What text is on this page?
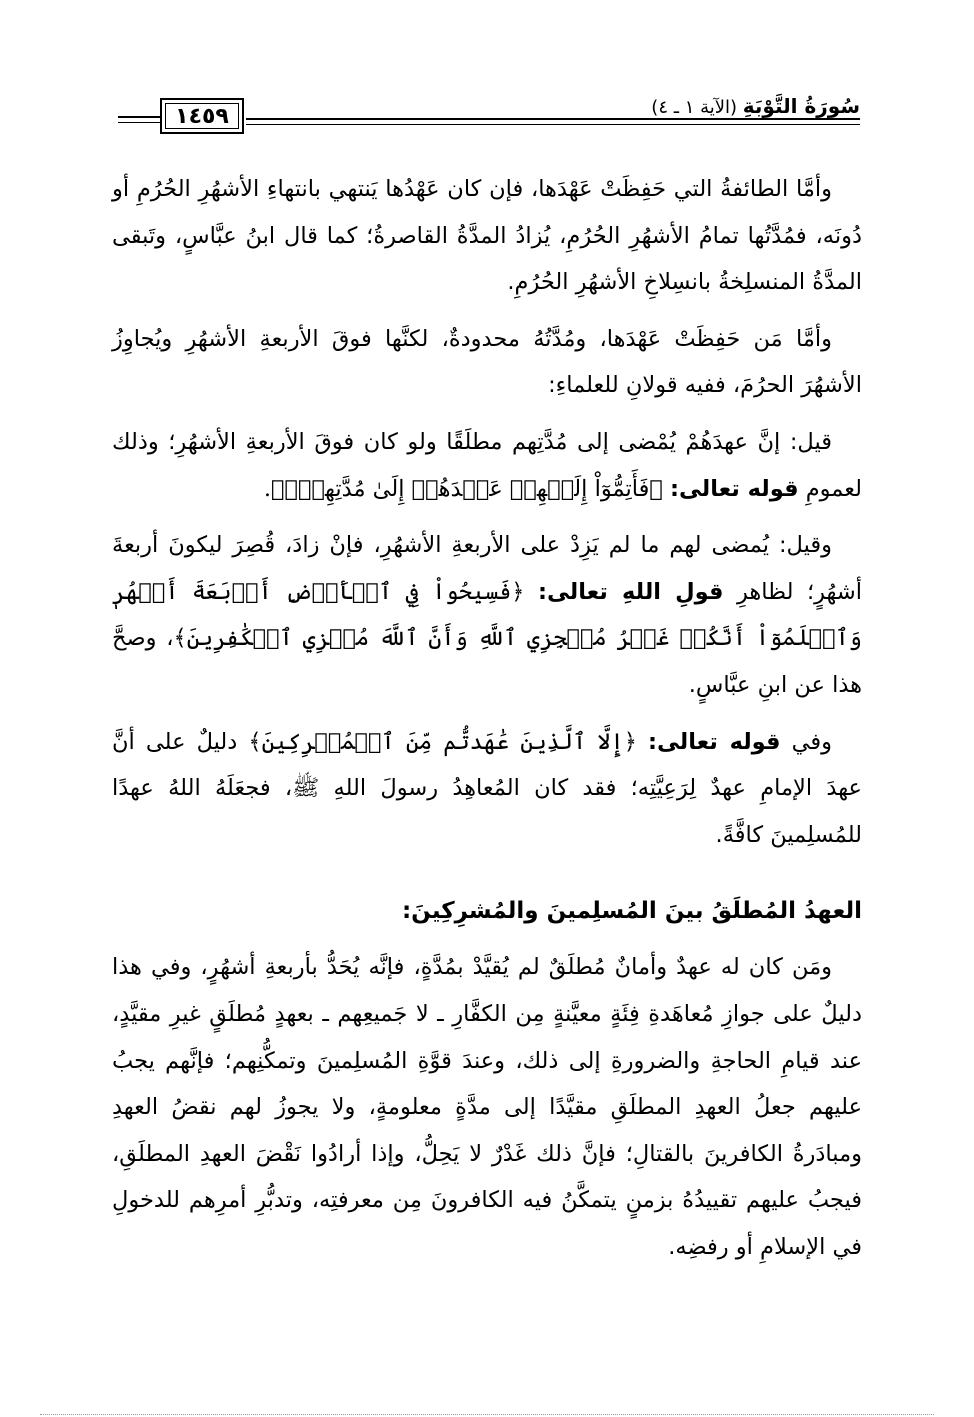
١٤٥٩	سُورَةُ التَّوْبَةِ (الآية ١ ـ ٤)

وأمَّا الطائفةُ التي حَفِظَتْ عَهْدَها، فإن كان عَهْدُها يَنتهي بانتهاءِ الأشهُرِ الحُرُمِ أو دُونَه، فمُدَّتُها تمامُ الأشهُرِ الحُرُمِ، يُزادُ المدَّةُ القاصرةُ؛ كما قال ابنُ عبَّاسٍ، وتَبقى المدَّةُ المنسلِخةُ بانسِلاخِ الأشهُرِ الحُرُمِ.

وأمَّا مَن حَفِظَتْ عَهْدَها، ومُدَّتُهُ محدودةٌ، لكنَّها فوقَ الأربعةِ الأشهُرِ ويُجاوِزُ الأشهُرَ الحرُمَ، ففيه قولانِ للعلماءِ:

قيل: إنَّ عهدَهُمْ يُمْضى إلى مُدَّتِهم مطلَقًا ولو كان فوقَ الأربعةِ الأشهُرِ؛ وذلك لعمومِ قوله تعالى: ﴿فَأَتِمُّوٓاْ إِلَيۡهِمۡ عَهۡدَهُمۡ إِلَىٰ مُدَّتِهِمۡۚ﴾.

وقيل: يُمضى لهم ما لم يَزِدْ على الأربعةِ الأشهُرِ، فإنْ زادَ، قُصِرَ ليكونَ أربعةَ أشهُرٍ؛ لظاهرِ قولِ اللهِ تعالى: ﴿فَسِيحُواْ فِي ٱلۡأَرۡضِ أَرۡبَعَةَ أَشۡهُرٖ وَٱعۡلَمُوٓاْ أَنَّكُمۡ غَيۡرُ مُعۡجِزِي ٱللَّهِ وَأَنَّ ٱللَّهَ مُخۡزِي ٱلۡكَٰفِرِينَ﴾، وصحَّ هذا عن ابنِ عبَّاسٍ.

وفي قوله تعالى: ﴿إِلَّا ٱلَّذِينَ عَٰهَدتُّم مِّنَ ٱلۡمُشۡرِكِينَ﴾ دليلٌ على أنَّ عهدَ الإمامِ عهدٌ لِرَعِيَّتِه؛ فقد كان المُعاهِدُ رسولَ اللهِ ﷺ، فجعَلَهُ اللهُ عهدًا للمُسلِمينَ كافَّةً.

العهدُ المُطلَقُ بينَ المُسلِمينَ والمُشرِكِينَ:

ومَن كان له عهدٌ وأمانٌ مُطلَقٌ لم يُقيَّدْ بمُدَّةٍ، فإنَّه يُحَدُّ بأربعةِ أشهُرٍ، وفي هذا دليلٌ على جوازِ مُعاهَدةِ فِئَةٍ معيَّنةٍ مِن الكفَّارِ ـ لا جَميعِهم ـ بعهدٍ مُطلَقٍ غيرِ مقيَّدٍ، عند قيامِ الحاجةِ والضرورةِ إلى ذلك، وعندَ قوَّةِ المُسلِمينَ وتمكُّنِهم؛ فإنَّهم يجبُ عليهم جعلُ العهدِ المطلَقِ مقيَّدًا إلى مدَّةٍ معلومةٍ، ولا يجوزُ لهم نقضُ العهدِ ومبادَرةُ الكافرينَ بالقتالِ؛ فإنَّ ذلك غَدْرٌ لا يَحِلُّ، وإذا أرادُوا نَقْضَ العهدِ المطلَقِ، فيجبُ عليهم تقييدُهُ بزمنٍ يتمكَّنُ فيه الكافرونَ مِن معرفتِه، وتدبُّرِ أمرِهم للدخولِ في الإسلامِ أو رفضِه.
